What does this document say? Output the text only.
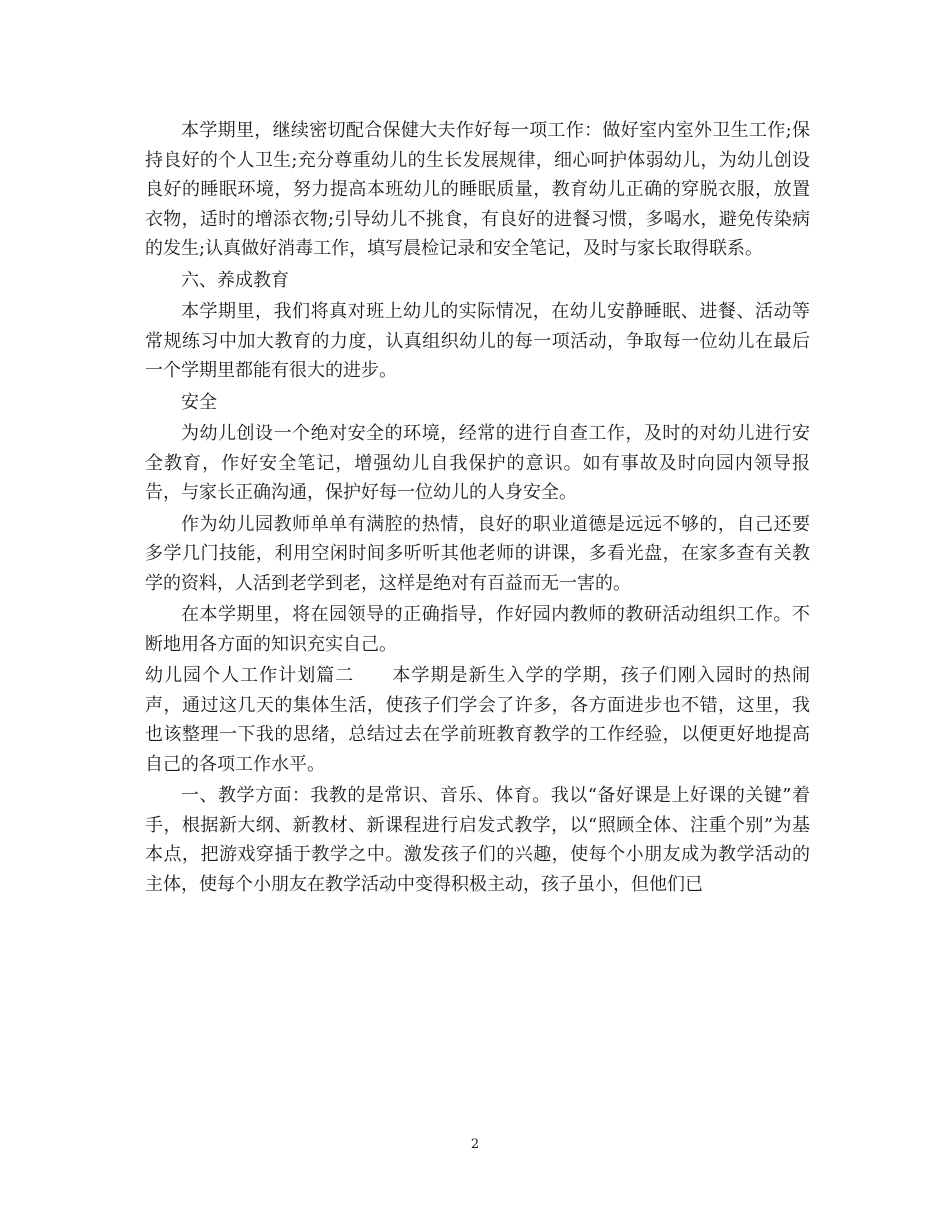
本学期里，继续密切配合保健大夫作好每一项工作：做好室内室外卫生工作;保持良好的个人卫生;充分尊重幼儿的生长发展规律，细心呵护体弱幼儿，为幼儿创设良好的睡眠环境，努力提高本班幼儿的睡眠质量，教育幼儿正确的穿脱衣服，放置衣物，适时的增添衣物;引导幼儿不挑食，有良好的进餐习惯，多喝水，避免传染病的发生;认真做好消毒工作，填写晨检记录和安全笔记，及时与家长取得联系。

六、养成教育

本学期里，我们将真对班上幼儿的实际情况，在幼儿安静睡眠、进餐、活动等常规练习中加大教育的力度，认真组织幼儿的每一项活动，争取每一位幼儿在最后一个学期里都能有很大的进步。

安全

为幼儿创设一个绝对安全的环境，经常的进行自查工作，及时的对幼儿进行安全教育，作好安全笔记，增强幼儿自我保护的意识。如有事故及时向园内领导报告，与家长正确沟通，保护好每一位幼儿的人身安全。

作为幼儿园教师单单有满腔的热情，良好的职业道德是远远不够的，自己还要多学几门技能，利用空闲时间多听听其他老师的讲课，多看光盘，在家多查有关教学的资料，人活到老学到老，这样是绝对有百益而无一害的。

在本学期里，将在园领导的正确指导，作好园内教师的教研活动组织工作。不断地用各方面的知识充实自己。

幼儿园个人工作计划篇二　　本学期是新生入学的学期，孩子们刚入园时的热闹声，通过这几天的集体生活，使孩子们学会了许多，各方面进步也不错，这里，我也该整理一下我的思绪，总结过去在学前班教育教学的工作经验，以便更好地提高自己的各项工作水平。

一、教学方面：我教的是常识、音乐、体育。我以“备好课是上好课的关键”着手，根据新大纲、新教材、新课程进行启发式教学，以“照顾全体、注重个别”为基本点，把游戏穿插于教学之中。激发孩子们的兴趣，使每个小朋友成为教学活动的主体，使每个小朋友在教学活动中变得积极主动，孩子虽小，但他们已

2
